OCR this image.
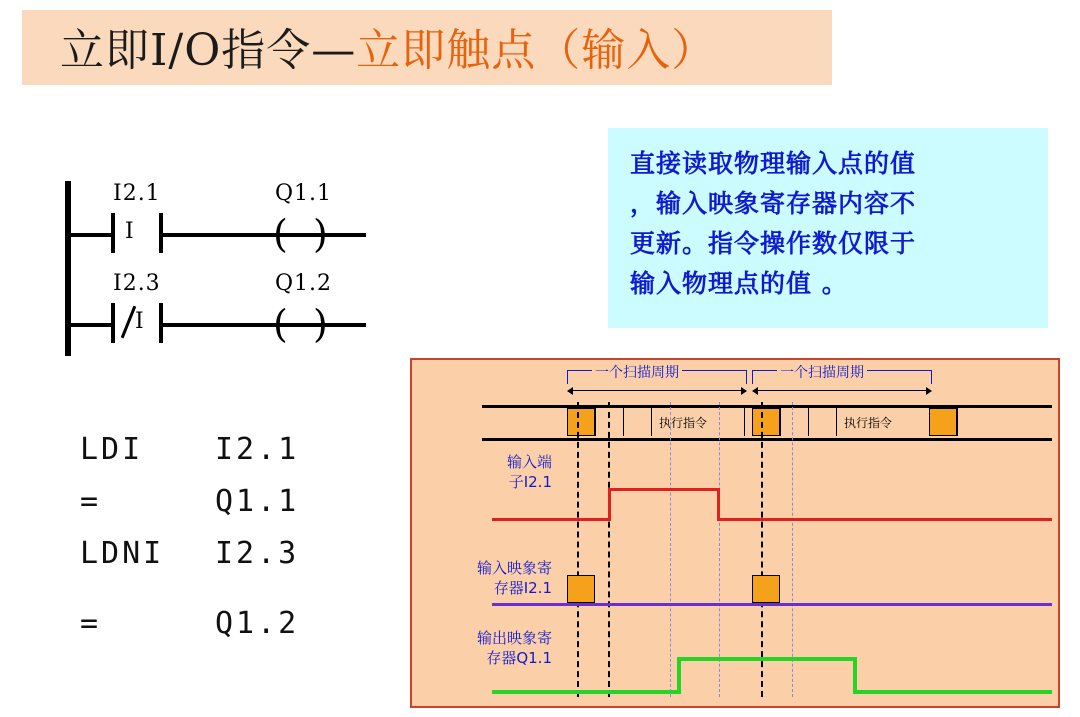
立即I/O指令—立即触点（输入）
I
I2.1	Q1.1
( )
I
I2.3	Q1.2
( )
LDI I2.1
=	Q1.1
LDNI I2.3
=	Q1.2

直接读取物理输入点的值

，输入映象寄存器内容不

更新。指令操作数仅限于

输入物理点的值 。

一个扫描周期	一个扫描周期
执行指令	执行指令
输入端
子I2.1
输入映象寄
存器I2.1
输出映象寄
存器Q1.1
